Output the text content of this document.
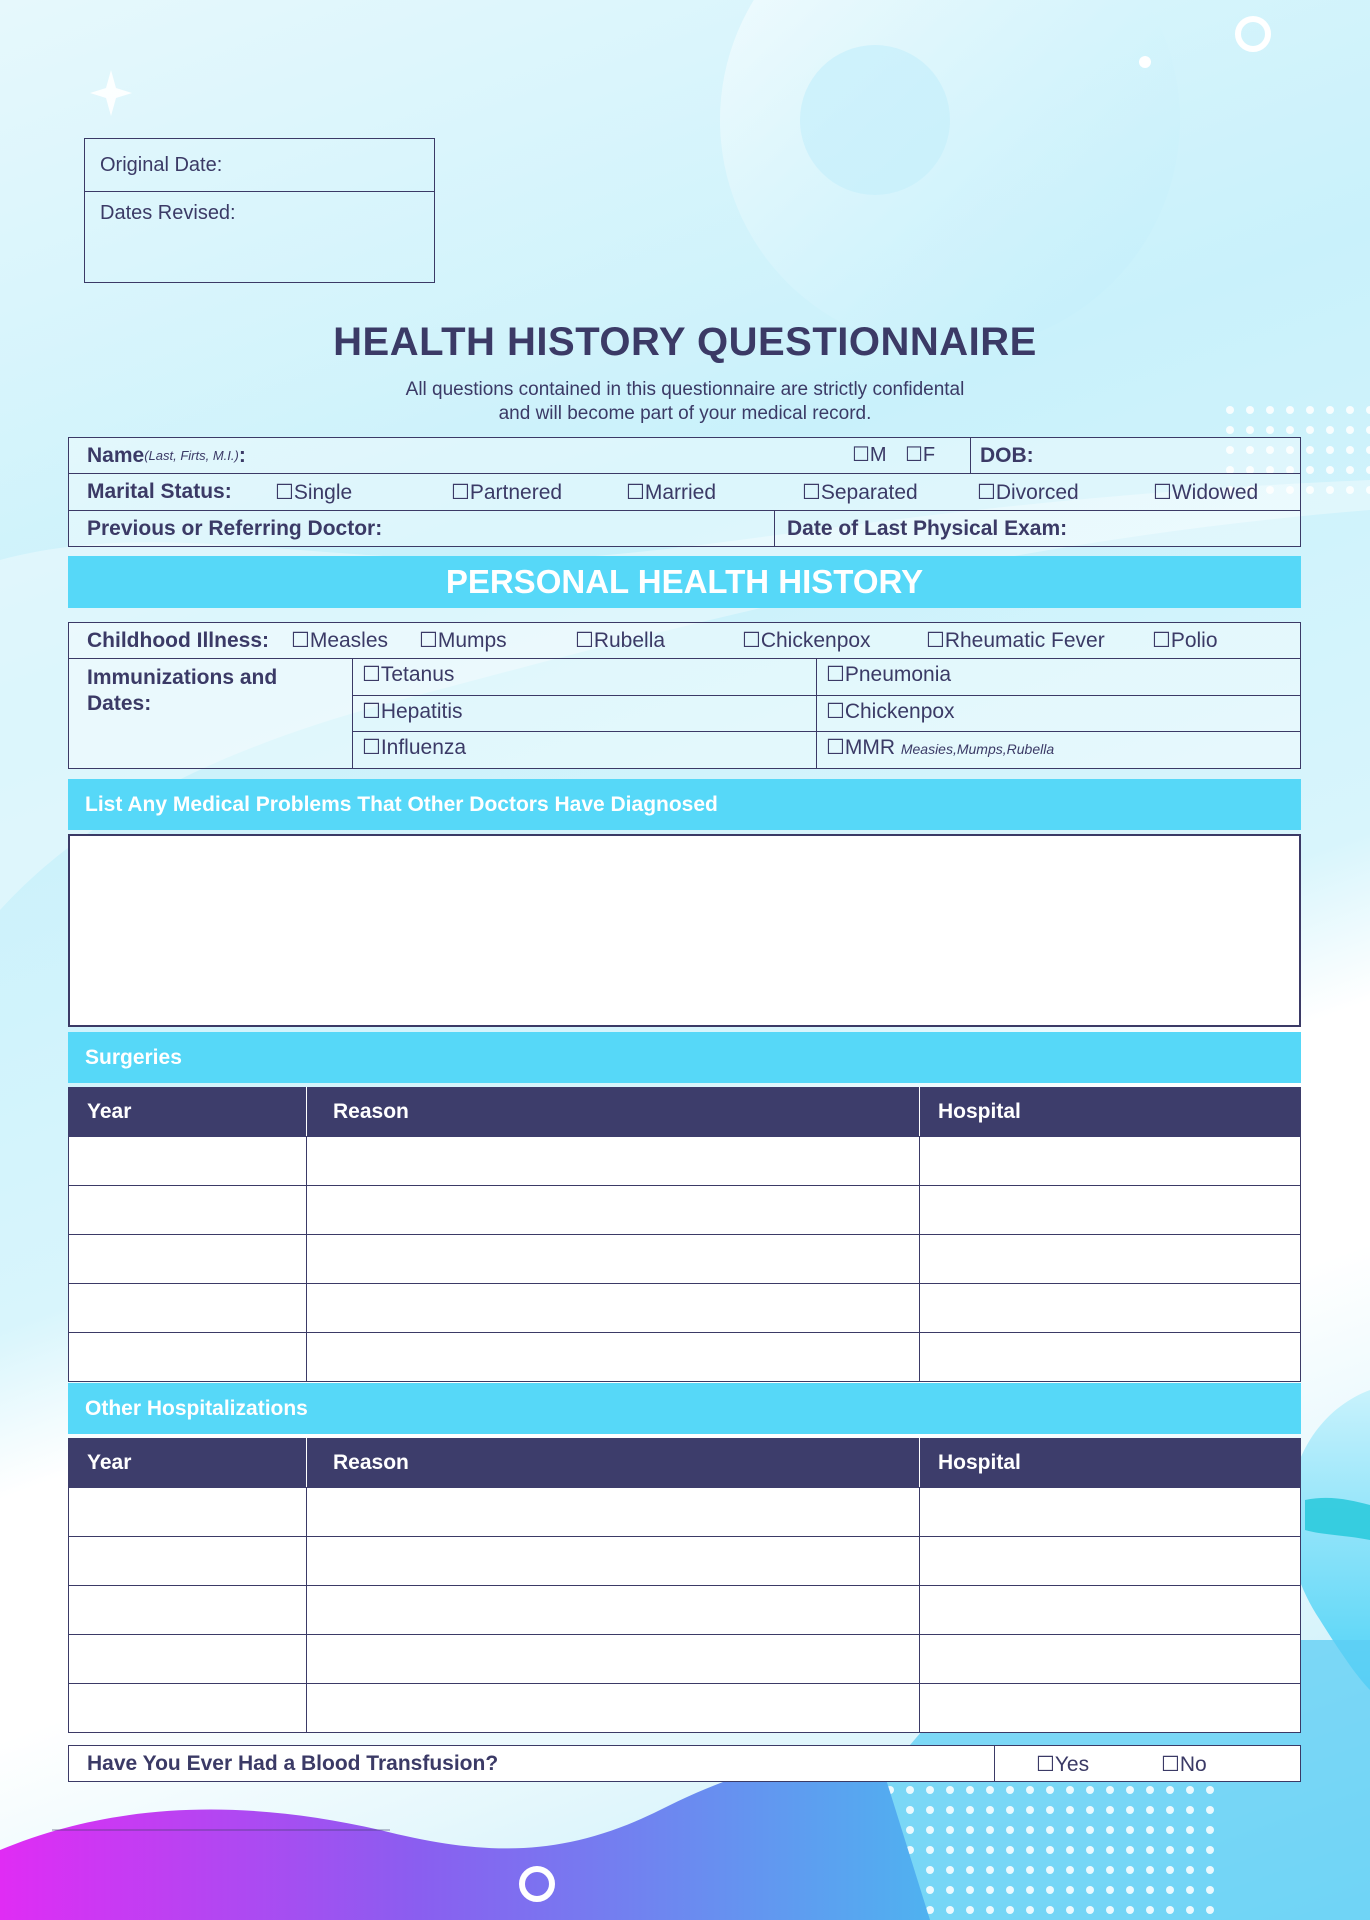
Original Date:
Dates Revised:
HEALTH HISTORY QUESTIONNAIRE
All questions contained in this questionnaire are strictly confidental
and will become part of your medical record.
Name (Last, Firts, M.I.) :	☐M ☐F DOB:
Marital Status: ☐Single	☐Partnered	☐Married	☐Separated	☐Divorced	☐Widowed
Previous or Referring Doctor:	Date of Last Physical Exam:
PERSONAL HEALTH HISTORY
Childhood Illness: ☐Measles ☐Mumps	☐Rubella	☐Chickenpox	☐Rheumatic Fever ☐Polio
Immunizations and Dates:
☐Tetanus	☐Pneumonia
☐Hepatitis	☐Chickenpox
☐Influenza	☐MMR Measies,Mumps,Rubella
List Any Medical Problems That Other Doctors Have Diagnosed
Surgeries
Year	Reason	Hospital

Other Hospitalizations
Year	Reason	Hospital

Have You Ever Had a Blood Transfusion?	☐Yes	☐No
